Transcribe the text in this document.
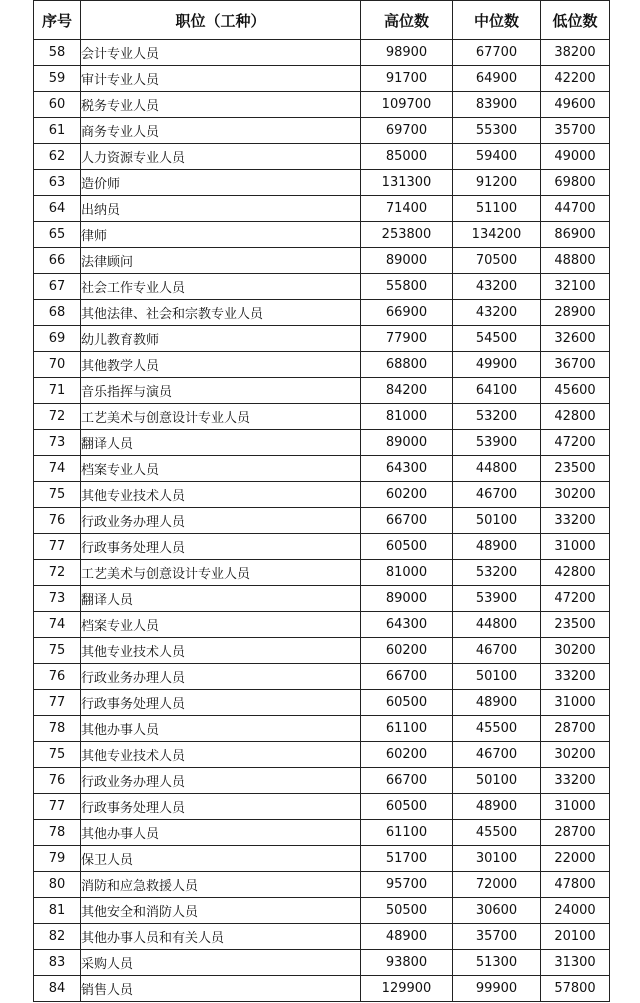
序号	职位（工种）	高位数	中位数	低位数
58	会计专业人员	98900	67700	38200
59	审计专业人员	91700	64900	42200
60	税务专业人员	109700	83900	49600
61	商务专业人员	69700	55300	35700
62	人力资源专业人员	85000	59400	49000
63	造价师	131300	91200	69800
64	出纳员	71400	51100	44700
65	律师	253800	134200	86900
66	法律顾问	89000	70500	48800
67	社会工作专业人员	55800	43200	32100
68	其他法律、社会和宗教专业人员	66900	43200	28900
69	幼儿教育教师	77900	54500	32600
70	其他教学人员	68800	49900	36700
71	音乐指挥与演员	84200	64100	45600
72	工艺美术与创意设计专业人员	81000	53200	42800
73	翻译人员	89000	53900	47200
74	档案专业人员	64300	44800	23500
75	其他专业技术人员	60200	46700	30200
76	行政业务办理人员	66700	50100	33200
77	行政事务处理人员	60500	48900	31000
72	工艺美术与创意设计专业人员	81000	53200	42800
73	翻译人员	89000	53900	47200
74	档案专业人员	64300	44800	23500
75	其他专业技术人员	60200	46700	30200
76	行政业务办理人员	66700	50100	33200
77	行政事务处理人员	60500	48900	31000
78	其他办事人员	61100	45500	28700
75	其他专业技术人员	60200	46700	30200
76	行政业务办理人员	66700	50100	33200
77	行政事务处理人员	60500	48900	31000
78	其他办事人员	61100	45500	28700
79	保卫人员	51700	30100	22000
80	消防和应急救援人员	95700	72000	47800
81	其他安全和消防人员	50500	30600	24000
82	其他办事人员和有关人员	48900	35700	20100
83	采购人员	93800	51300	31300
84	销售人员	129900	99900	57800
